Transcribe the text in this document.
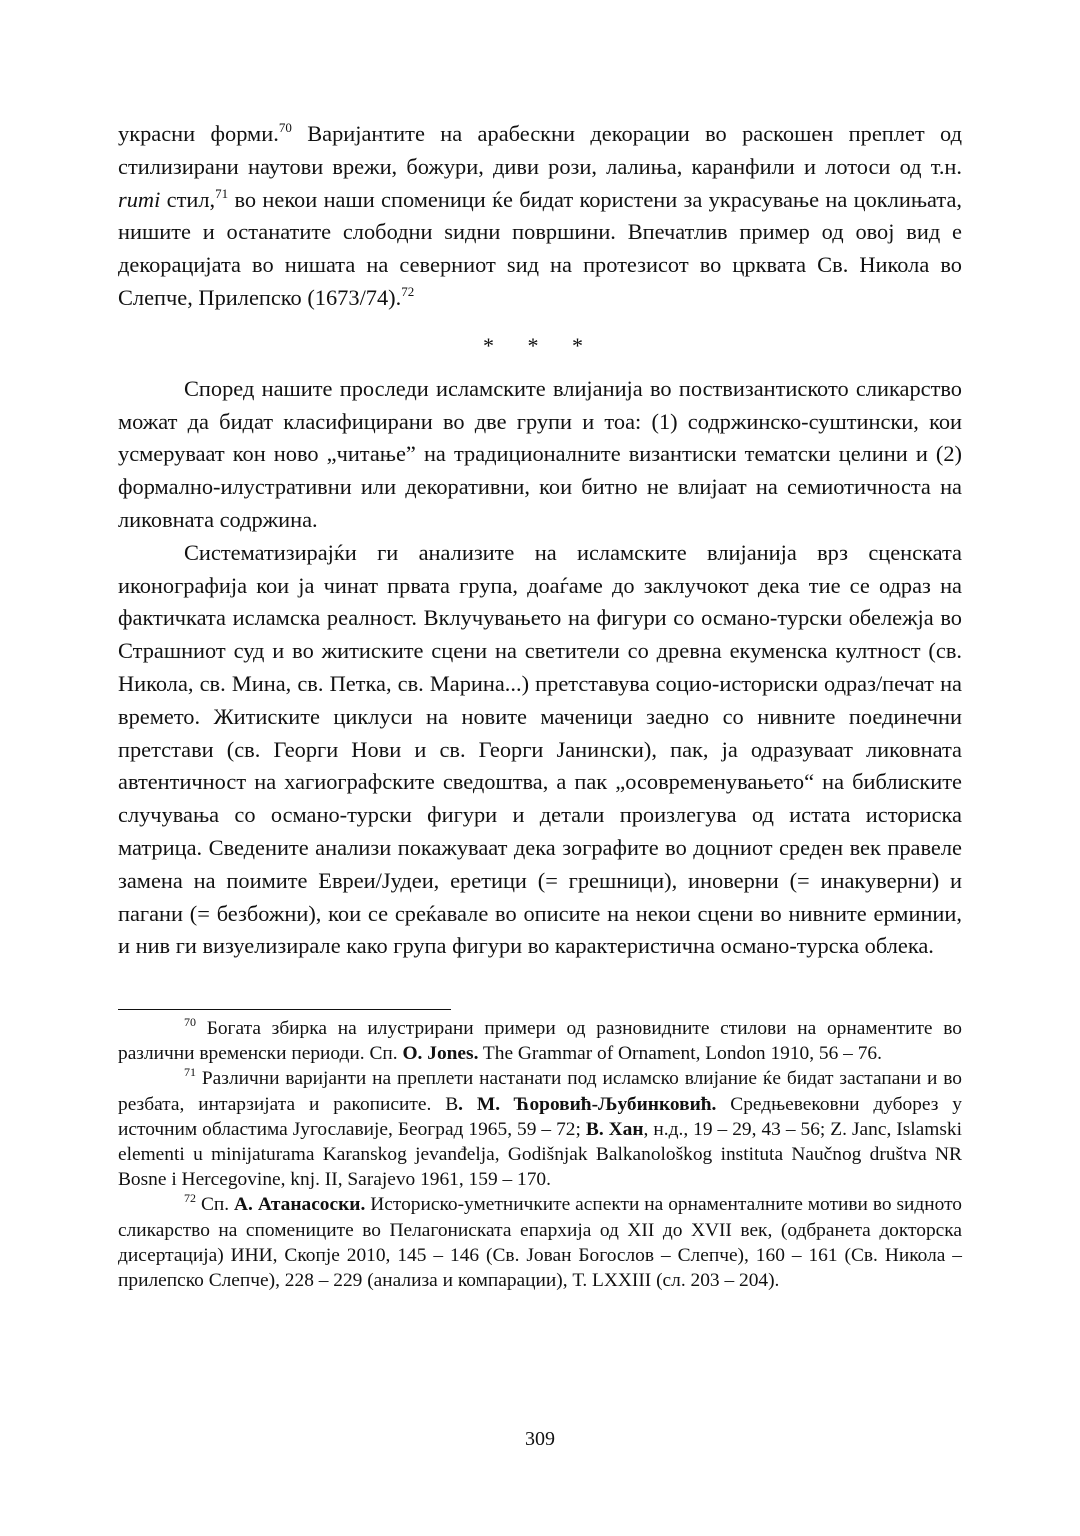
украсни форми.$^{70}$ Варијантите на арабескни декорации во раскошен преплет од стилизирани наутови врежи, божури, диви рози, лалиња, каранфили и лотоси од т.н. rumi стил,$^{71}$ во некои наши споменици ќе бидат користени за украсување на цоклињата, нишите и останатите слободни ѕидни површини. Впечатлив пример од овој вид е декорацијата во нишата на северниот ѕид на протезисот во црквата Св. Никола во Слепче, Прилепско (1673/74).$^{72}$

* * *

Според нашите проследи исламските влијанија во поствизантиското сликарство можат да бидат класифицирани во две групи и тоа: (1) содржинско-суштински, кои усмеруваат кон ново „читање” на традиционалните византиски тематски целини и (2) формално-илустративни или декоративни, кои битно не влијаат на семиотичноста на ликовната содржина.

Систематизирајќи ги анализите на исламските влијанија врз сценската иконографија кои ја чинат првата група, доаѓаме до заклучокот дека тие се одраз на фактичката исламска реалност. Вклучувањето на фигури со османо-турски обележја во Страшниот суд и во житиските сцени на светители со древна екуменска култност (св. Никола, св. Мина, св. Петка, св. Марина...) претставува социо-историски одраз/печат на времето. Житиските циклуси на новите маченици заедно со нивните поединечни претстави (св. Георги Нови и св. Георги Јанински), пак, ја одразуваат ликовната автентичност на хагиографските сведоштва, а пак „осовременувањето“ на библиските случувања со османо-турски фигури и детали произлегува од истата историска матрица. Сведените анализи покажуваат дека зографите во доцниот среден век правеле замена на поимите Евреи/Јудеи, еретици (= грешници), иноверни (= инакуверни) и пагани (= безбожни), кои се среќавале во описите на некои сцени во нивните ерминии, и нив ги визуелизирале како група фигури во карактеристична османо-турска облека.

$^{70}$ Богата збирка на илустрирани примери од разновидните стилови на орнаментите во различни временски периоди. Сп. O. Jones. The Grammar of Ornament, London 1910, 56 – 76.

$^{71}$ Различни варијанти на преплети настанати под исламско влијание ќе бидат застапани и во резбата, интарзијата и ракописите. В. М. Ћоровић-Љубинковић. Средњевековни дуборез у источним областима Југославије, Београд 1965, 59 – 72; В. Хан, н.д., 19 – 29, 43 – 56; Z. Janc, Islamski elementi u minijaturama Karanskog jevanđelja, Godišnjak Balkanološkog instituta Naučnog društva NR Bosne i Hercegovine, knj. II, Sarajevo 1961, 159 – 170.

$^{72}$ Сп. А. Атанасоски. Историско-уметничките аспекти на орнаменталните мотиви во ѕидното сликарство на спомениците во Пелагониската епархија од XII до XVII век, (одбранета докторска дисертација) ИНИ, Скопје 2010, 145 – 146 (Св. Јован Богослов – Слепче), 160 – 161 (Св. Никола – прилепско Слепче), 228 – 229 (анализа и компарации), Т. LXXIII (сл. 203 – 204).

309
